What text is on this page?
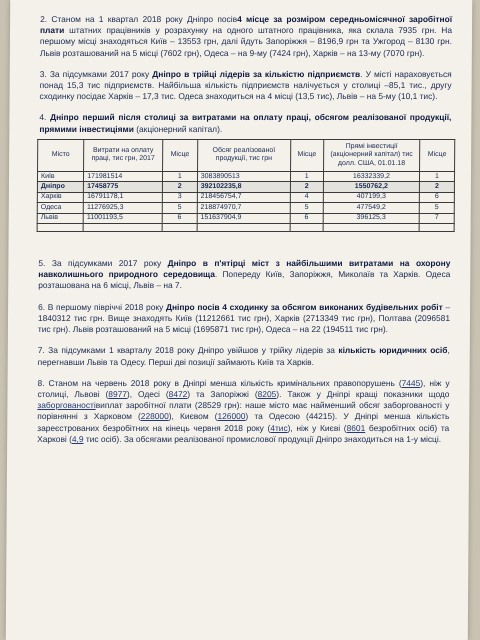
2. Станом на 1 квартал 2018 року Дніпро посів4 місце за розміром середньомісячної заробітної плати штатних працівників у розрахунку на одного штатного працівника, яка склала 7935 грн. На першому місці знаходяться Київ – 13553 грн, далі йдуть Запоріжжя – 8196,9 грн та Ужгород – 8130 грн. Львів розташований на 5 місці (7602 грн), Одеса – на 9-му (7424 грн), Харків – на 13-му (7070 грн).

3. За підсумками 2017 року Дніпро в трійці лідерів за кількістю підприємств. У місті нараховується понад 15,3 тис підприємств. Найбільша кількість підприємств налічується у столиці –85,1 тис., другу сходинку посідає Харків – 17,3 тис. Одеса знаходиться на 4 місці (13,5 тис), Львів – на 5-му (10,1 тис).

4. Дніпро перший після столиці за витратами на оплату праці, обсягом реалізованої продукції, прямими інвестиціями (акціонерний капітал).

Місто	Витрати на оплату праці, тис грн, 2017	Місце	Обсяг реалізованої продукції, тис грн	Місце	Прямі інвестиції (акціонерний капітал) тис долл. США, 01.01.18	Місце
Київ	171981514	1	3083890513	1	16332339,2	1
Дніпро	17458775	2	392102235,8	2	1550762,2	2
Харків	16791178,1	3	218456754,7	4	407199,3	6
Одеса	11276925,3	5	218874970,7	5	477549,2	5
Львів	11001193,5	6	151637904,9	6	396125,3	7

5. За підсумками 2017 року Дніпро в п'ятірці міст з найбільшими витратами на охорону навколишнього природного середовища. Попереду Київ, Запоріжжя, Миколаїв та Харків. Одеса розташована на 6 місці, Львів – на 7.

6. В першому півріччі 2018 року Дніпро посів 4 сходинку за обсягом виконаних будівельних робіт – 1840312 тис грн. Вище знаходять Київ (11212661 тис грн), Харків (2713349 тис грн), Полтава (2096581 тис грн). Львів розташований на 5 місці (1695871 тис грн), Одеса – на 22 (194511 тис грн).

7. За підсумками 1 кварталу 2018 року Дніпро увійшов у трійку лідерів за кількість юридичних осіб, перегнавши Львів та Одесу. Перші дві позиції займають Київ та Харків.

8. Станом на червень 2018 року в Дніпрі менша кількість кримінальних правопорушень (7445), ніж у столиці, Львові (8977), Одесі (8472) та Запоріжжі (8205). Також у Дніпрі кращі показники щодо заборгованостівиплат заробітної плати (28529 грн): наше місто має найменший обсяг заборгованості у порівнянні з Харковом (228000), Києвом (126000) та Одесою (44215). У Дніпрі менша кількість зареєстрованих безробітних на кінець червня 2018 року (4тис), ніж у Києві (8601 безробітних осіб) та Харкові (4,9 тис осіб). За обсягами реалізованої промислової продукції Дніпро знаходиться на 1-у місці.
